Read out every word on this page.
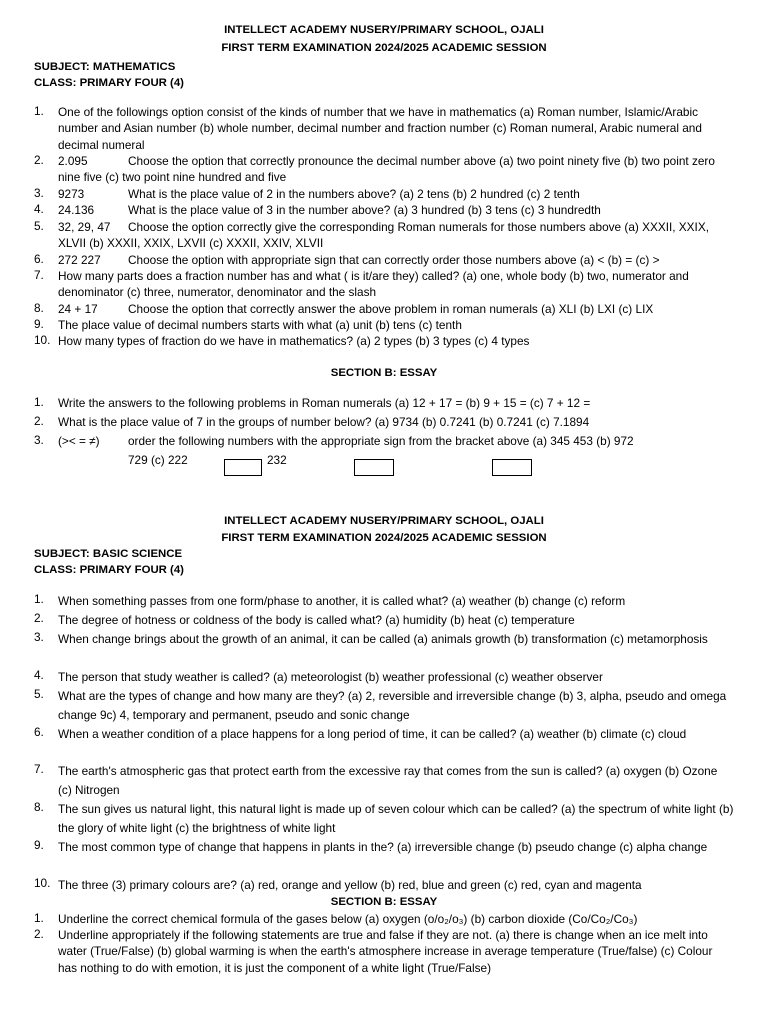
INTELLECT ACADEMY NUSERY/PRIMARY SCHOOL, OJALI
FIRST TERM EXAMINATION 2024/2025 ACADEMIC SESSION
SUBJECT: MATHEMATICS
CLASS: PRIMARY FOUR (4)
1.	One of the followings option consist of the kinds of number that we have in mathematics (a) Roman number, Islamic/Arabic number and Asian number (b) whole number, decimal number and fraction number (c) Roman numeral, Arabic numeral and decimal numeral
2.	2.095	Choose the option that correctly pronounce the decimal number above (a) two point ninety five (b) two point zero nine five (c) two point nine hundred and five
3.	9273	What is the place value of 2 in the numbers above? (a) 2 tens (b) 2 hundred (c) 2 tenth
4.	24.136	What is the place value of 3 in the number above? (a) 3 hundred (b) 3 tens (c) 3 hundredth
5.	32, 29, 47 Choose the option correctly give the corresponding Roman numerals for those numbers above (a) XXXII, XXIX, XLVII (b) XXXII, XXIX, LXVII (c) XXXII, XXIV, XLVII
6.	272 227 Choose the option with appropriate sign that can correctly order those numbers above (a) < (b) = (c) >
7.	How many parts does a fraction number has and what ( is it/are they) called? (a) one, whole body (b) two, numerator and denominator (c) three, numerator, denominator and the slash
8.	24 + 17	Choose the option that correctly answer the above problem in roman numerals (a) XLI (b) LXI (c) LIX
9.	The place value of decimal numbers starts with what (a) unit (b) tens (c) tenth
10. How many types of fraction do we have in mathematics? (a) 2 types (b) 3 types (c) 4 types
SECTION B: ESSAY
1.	Write the answers to the following problems in Roman numerals (a) 12 + 17 = (b) 9 + 15 = (c) 7 + 12 =
2.	What is the place value of 7 in the groups of number below? (a) 9734 (b) 0.7241 (b) 0.7241 (c) 7.1894
3.	(>< = ≠) order the following numbers with the appropriate sign from the bracket above (a) 345 453 (b) 972
729 (c) 222	232
INTELLECT ACADEMY NUSERY/PRIMARY SCHOOL, OJALI
FIRST TERM EXAMINATION 2024/2025 ACADEMIC SESSION
SUBJECT: BASIC SCIENCE
CLASS: PRIMARY FOUR (4)
1.	When something passes from one form/phase to another, it is called what? (a) weather (b) change (c) reform
2.	The degree of hotness or coldness of the body is called what? (a) humidity (b) heat (c) temperature
3.	When change brings about the growth of an animal, it can be called (a) animals growth (b) transformation (c) metamorphosis
4.	The person that study weather is called? (a) meteorologist (b) weather professional (c) weather observer
5.	What are the types of change and how many are they? (a) 2, reversible and irreversible change (b) 3, alpha, pseudo and omega change 9c) 4, temporary and permanent, pseudo and sonic change
6.	When a weather condition of a place happens for a long period of time, it can be called? (a) weather (b) climate (c) cloud
7.	The earth's atmospheric gas that protect earth from the excessive ray that comes from the sun is called? (a) oxygen (b) Ozone (c) Nitrogen
8.	The sun gives us natural light, this natural light is made up of seven colour which can be called? (a) the spectrum of white light (b) the glory of white light (c) the brightness of white light
9.	The most common type of change that happens in plants in the? (a) irreversible change (b) pseudo change (c) alpha change
10. The three (3) primary colours are? (a) red, orange and yellow (b) red, blue and green (c) red, cyan and magenta
SECTION B: ESSAY
1.	Underline the correct chemical formula of the gases below (a) oxygen (o/o₂/o₃) (b) carbon dioxide (Co/Co₂/Co₃)
2.	Underline appropriately if the following statements are true and false if they are not. (a) there is change when an ice melt into water (True/False) (b) global warming is when the earth's atmosphere increase in average temperature (True/false) (c) Colour has nothing to do with emotion, it is just the component of a white light (True/False)
